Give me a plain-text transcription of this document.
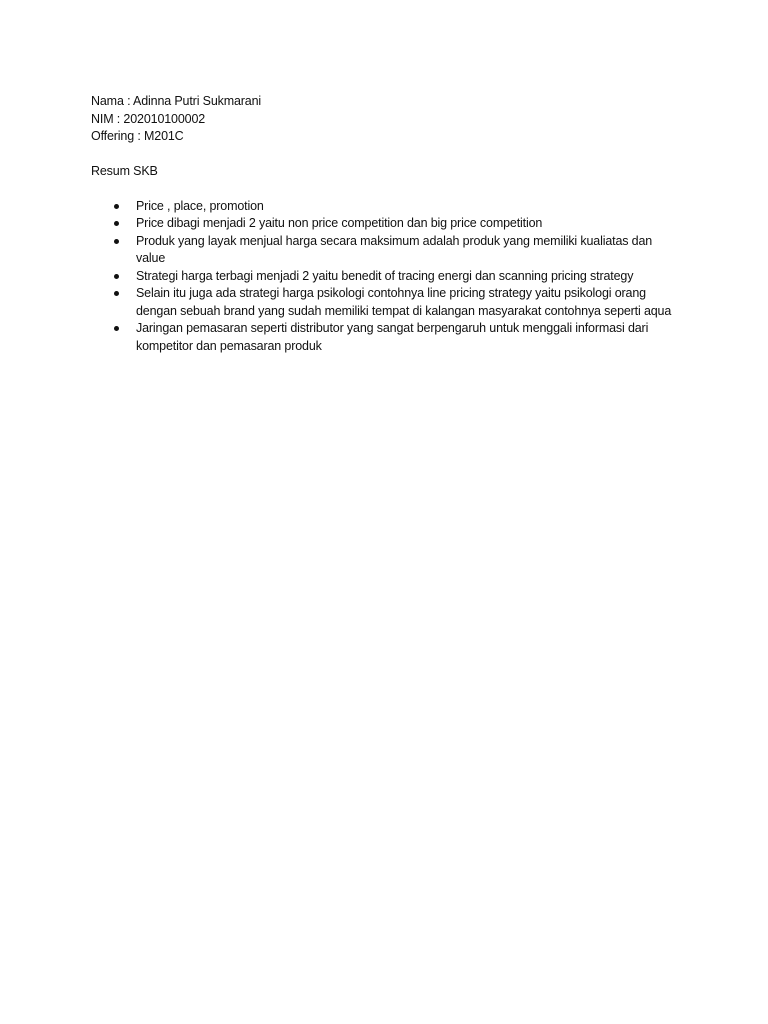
Nama : Adinna Putri Sukmarani

NIM : 202010100002

Offering : M201C

Resum SKB

Price , place, promotion
Price dibagi menjadi 2 yaitu non price competition dan big price competition
Produk yang layak menjual harga secara maksimum adalah produk yang memiliki kualiatas dan value
Strategi harga terbagi menjadi 2 yaitu benedit of tracing energi dan scanning pricing strategy
Selain itu juga ada strategi harga psikologi contohnya line pricing strategy yaitu psikologi orang dengan sebuah brand yang sudah memiliki tempat di kalangan masyarakat contohnya seperti aqua
Jaringan pemasaran seperti distributor yang sangat berpengaruh untuk menggali informasi dari kompetitor dan pemasaran produk
